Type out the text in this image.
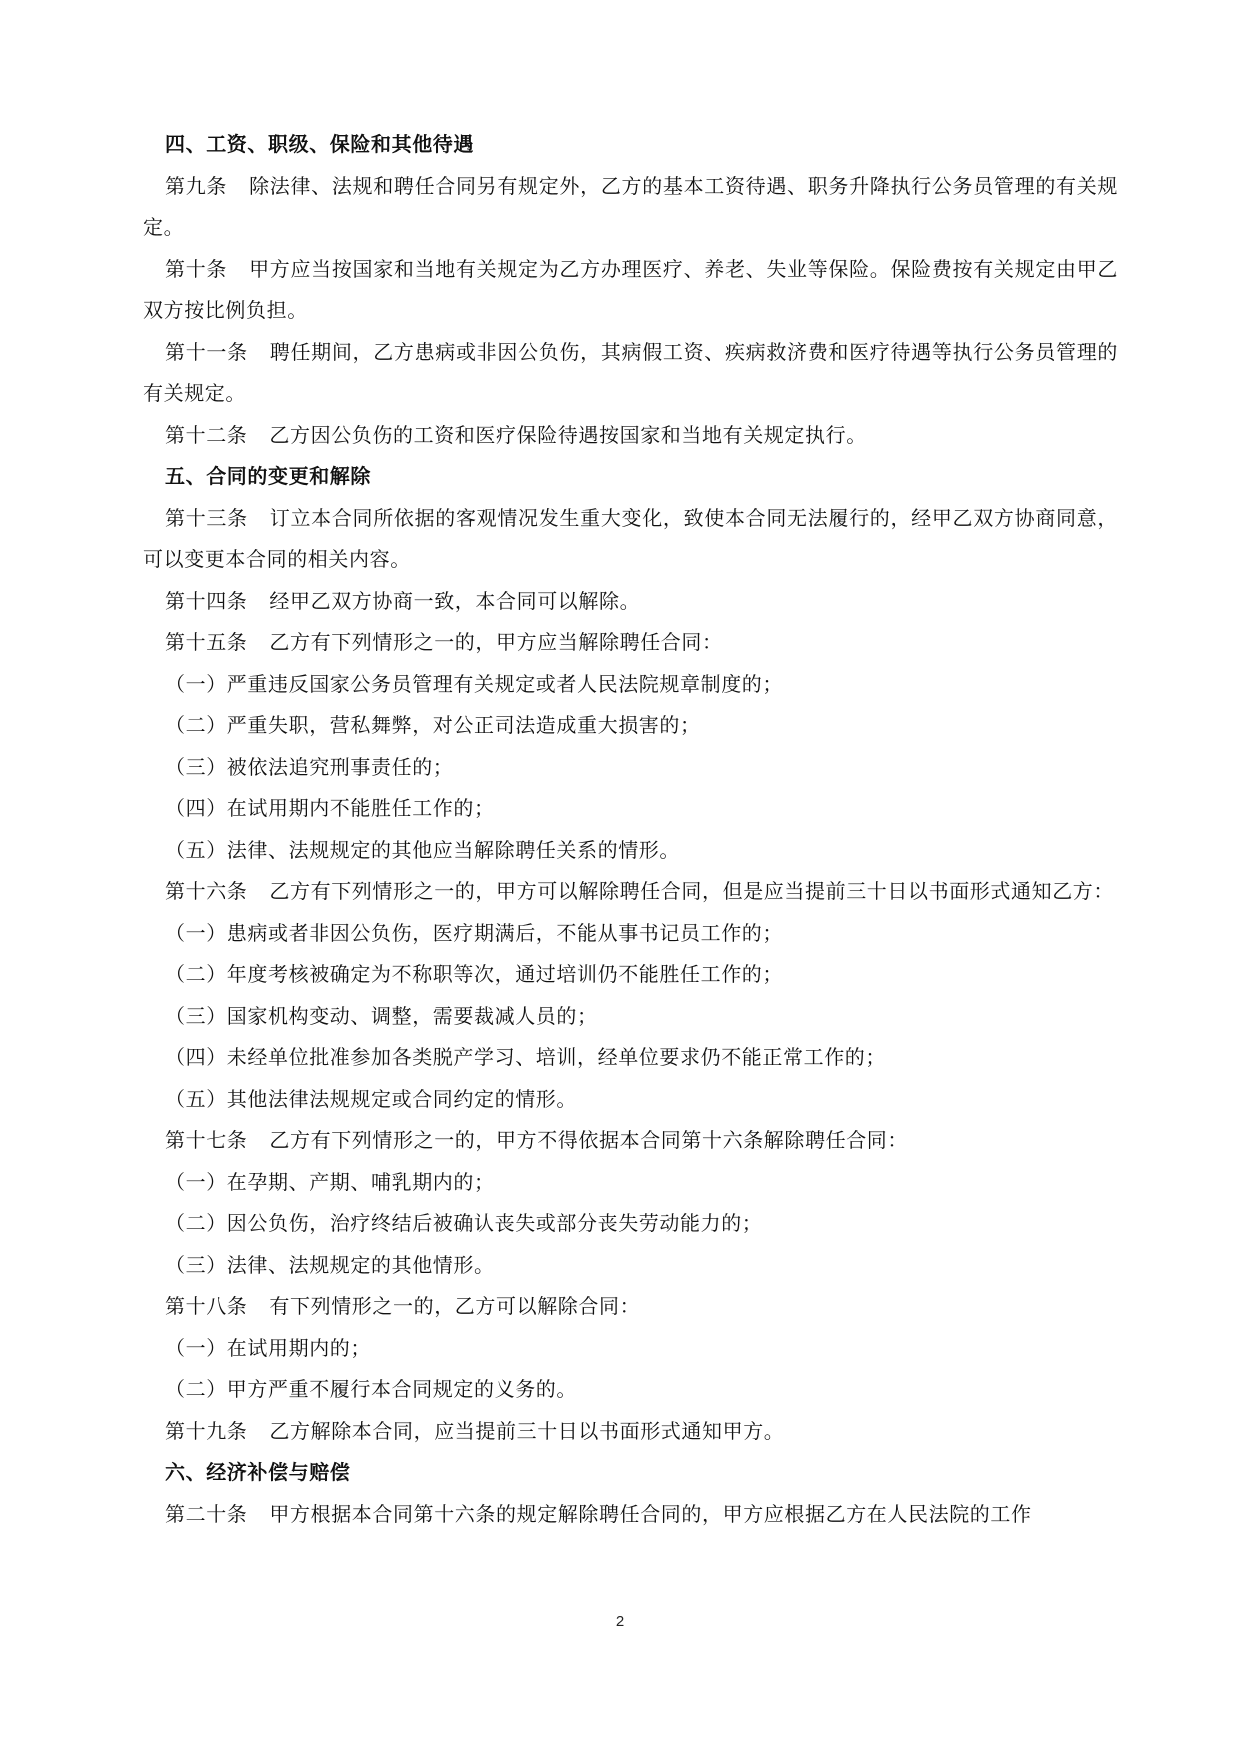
四、工资、职级、保险和其他待遇
第九条 除法律、法规和聘任合同另有规定外，乙方的基本工资待遇、职务升降执行公务员管理的有关规定。
第十条 甲方应当按国家和当地有关规定为乙方办理医疗、养老、失业等保险。保险费按有关规定由甲乙双方按比例负担。
第十一条 聘任期间，乙方患病或非因公负伤，其病假工资、疾病救济费和医疗待遇等执行公务员管理的有关规定。
第十二条 乙方因公负伤的工资和医疗保险待遇按国家和当地有关规定执行。
五、合同的变更和解除
第十三条 订立本合同所依据的客观情况发生重大变化，致使本合同无法履行的，经甲乙双方协商同意，可以变更本合同的相关内容。
第十四条 经甲乙双方协商一致，本合同可以解除。
第十五条 乙方有下列情形之一的，甲方应当解除聘任合同：
（一）严重违反国家公务员管理有关规定或者人民法院规章制度的；
（二）严重失职，营私舞弊，对公正司法造成重大损害的；
（三）被依法追究刑事责任的；
（四）在试用期内不能胜任工作的；
（五）法律、法规规定的其他应当解除聘任关系的情形。
第十六条 乙方有下列情形之一的，甲方可以解除聘任合同，但是应当提前三十日以书面形式通知乙方：
（一）患病或者非因公负伤，医疗期满后，不能从事书记员工作的；
（二）年度考核被确定为不称职等次，通过培训仍不能胜任工作的；
（三）国家机构变动、调整，需要裁减人员的；
（四）未经单位批准参加各类脱产学习、培训，经单位要求仍不能正常工作的；
（五）其他法律法规规定或合同约定的情形。
第十七条 乙方有下列情形之一的，甲方不得依据本合同第十六条解除聘任合同：
（一）在孕期、产期、哺乳期内的；
（二）因公负伤，治疗终结后被确认丧失或部分丧失劳动能力的；
（三）法律、法规规定的其他情形。
第十八条 有下列情形之一的，乙方可以解除合同：
（一）在试用期内的；
（二）甲方严重不履行本合同规定的义务的。
第十九条 乙方解除本合同，应当提前三十日以书面形式通知甲方。
六、经济补偿与赔偿
第二十条 甲方根据本合同第十六条的规定解除聘任合同的，甲方应根据乙方在人民法院的工作
2
